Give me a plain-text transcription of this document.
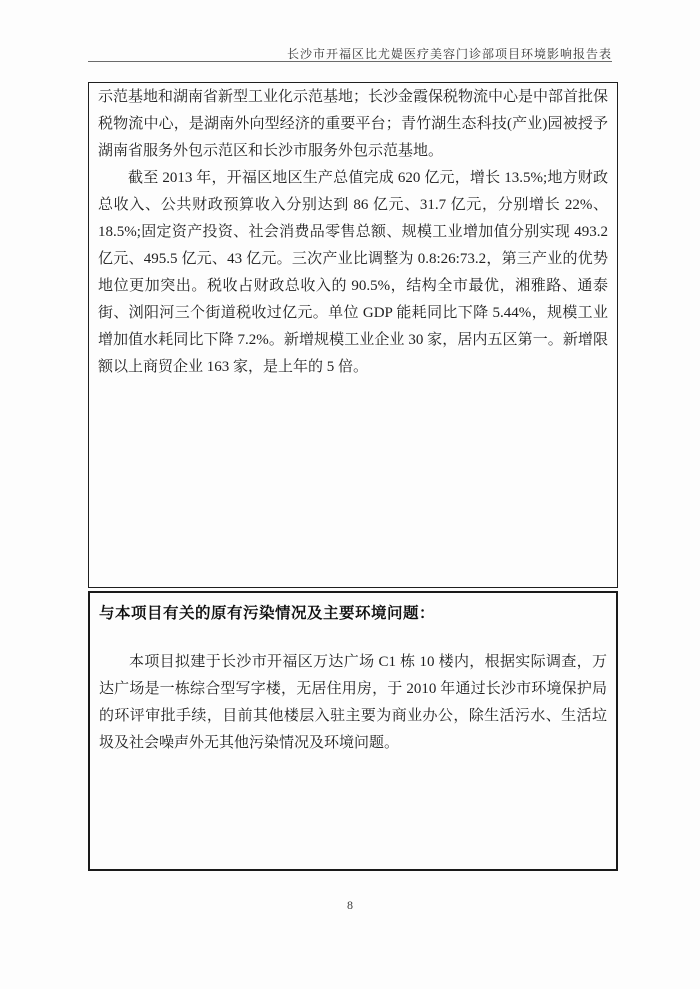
长沙市开福区比尤媞医疗美容门诊部项目环境影响报告表

示范基地和湖南省新型工业化示范基地；长沙金霞保税物流中心是中部首批保税物流中心，是湖南外向型经济的重要平台；青竹湖生态科技(产业)园被授予湖南省服务外包示范区和长沙市服务外包示范基地。

截至 2013 年，开福区地区生产总值完成 620 亿元，增长 13.5%;地方财政总收入、公共财政预算收入分别达到 86 亿元、31.7 亿元，分别增长 22%、18.5%;固定资产投资、社会消费品零售总额、规模工业增加值分别实现 493.2 亿元、495.5 亿元、43 亿元。三次产业比调整为 0.8:26:73.2，第三产业的优势地位更加突出。税收占财政总收入的 90.5%，结构全市最优，湘雅路、通泰街、浏阳河三个街道税收过亿元。单位 GDP 能耗同比下降 5.44%，规模工业增加值水耗同比下降 7.2%。新增规模工业企业 30 家，居内五区第一。新增限额以上商贸企业 163 家，是上年的 5 倍。

与本项目有关的原有污染情况及主要环境问题：

本项目拟建于长沙市开福区万达广场 C1 栋 10 楼内，根据实际调查，万达广场是一栋综合型写字楼，无居住用房，于 2010 年通过长沙市环境保护局的环评审批手续，目前其他楼层入驻主要为商业办公，除生活污水、生活垃圾及社会噪声外无其他污染情况及环境问题。

8
